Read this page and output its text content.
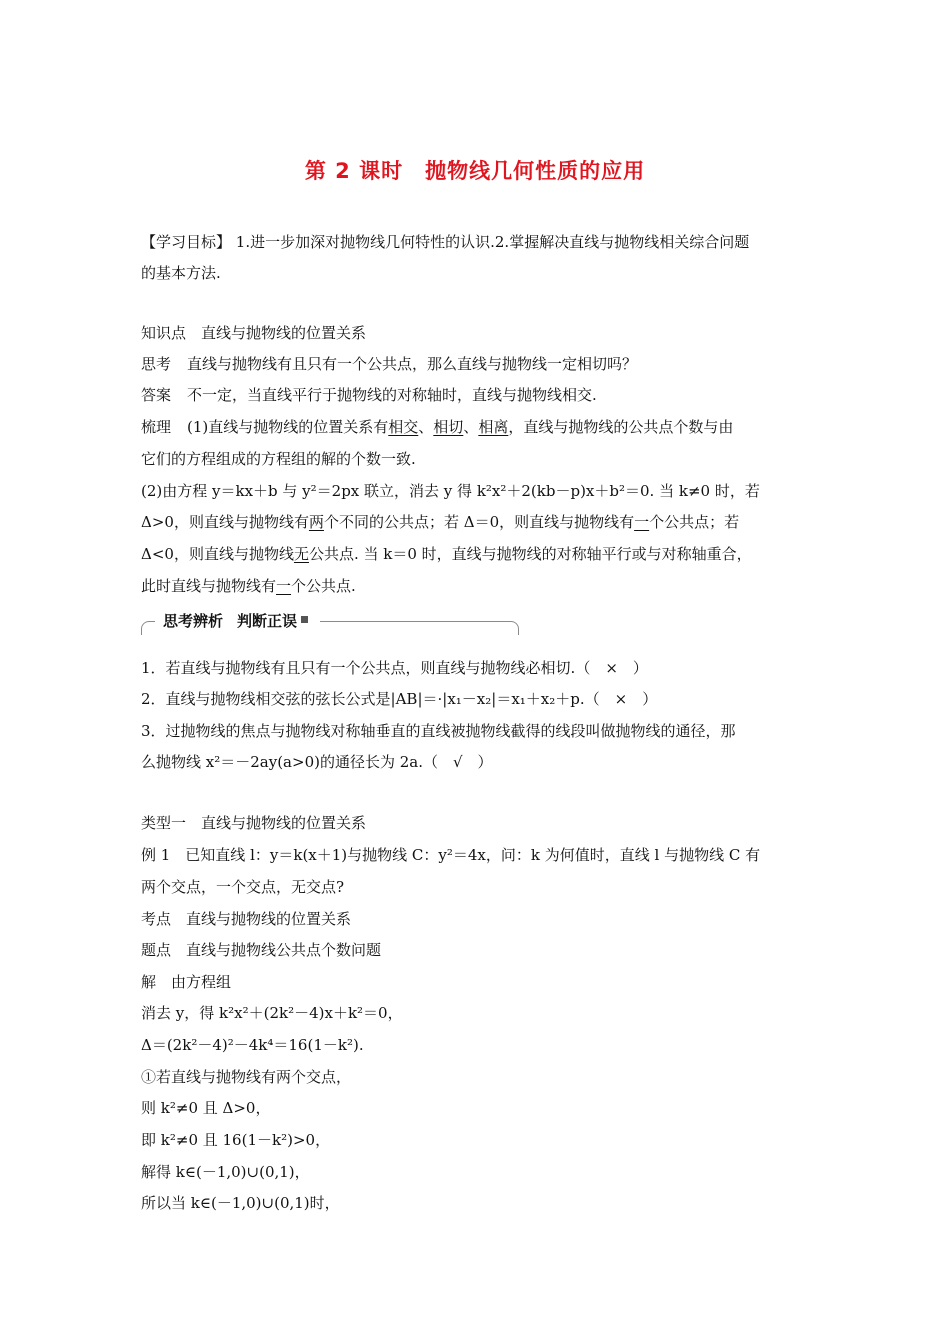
第 2 课时 抛物线几何性质的应用
【学习目标】 1.进一步加深对抛物线几何特性的认识.2.掌握解决直线与抛物线相关综合问题
的基本方法.
知识点　直线与抛物线的位置关系
思考 直线与抛物线有且只有一个公共点，那么直线与抛物线一定相切吗？
答案 不一定，当直线平行于抛物线的对称轴时，直线与抛物线相交.
梳理 (1)直线与抛物线的位置关系有相交、相切、相离，直线与抛物线的公共点个数与由
它们的方程组成的方程组的解的个数一致.
(2)由方程 y＝kx＋b 与 y²＝2px 联立，消去 y 得 k²x²＋2(kb－p)x＋b²＝0. 当 k≠0 时，若
Δ>0，则直线与抛物线有两个不同的公共点；若 Δ＝0，则直线与抛物线有一个公共点；若
Δ<0，则直线与抛物线无公共点. 当 k＝0 时，直线与抛物线的对称轴平行或与对称轴重合，
此时直线与抛物线有一个公共点.
思考辨析 判断正误
1．若直线与抛物线有且只有一个公共点，则直线与抛物线必相切.（　×　）
2．直线与抛物线相交弦的弦长公式是|AB|＝·|x₁－x₂|＝x₁＋x₂＋p.（　×　）
3．过抛物线的焦点与抛物线对称轴垂直的直线被抛物线截得的线段叫做抛物线的通径，那
么抛物线 x²＝－2ay(a>0)的通径长为 2a.（　√　）
类型一　直线与抛物线的位置关系
例 1　已知直线 l：y＝k(x＋1)与抛物线 C：y²＝4x，问：k 为何值时，直线 l 与抛物线 C 有
两个交点，一个交点，无交点?
考点　直线与抛物线的位置关系
题点　直线与抛物线公共点个数问题
解　由方程组
消去 y，得 k²x²＋(2k²－4)x＋k²＝0，
Δ＝(2k²－4)²－4k⁴＝16(1－k²).
①若直线与抛物线有两个交点，
则 k²≠0 且 Δ>0，
即 k²≠0 且 16(1－k²)>0，
解得 k∈(－1,0)∪(0,1)，
所以当 k∈(－1,0)∪(0,1)时，
